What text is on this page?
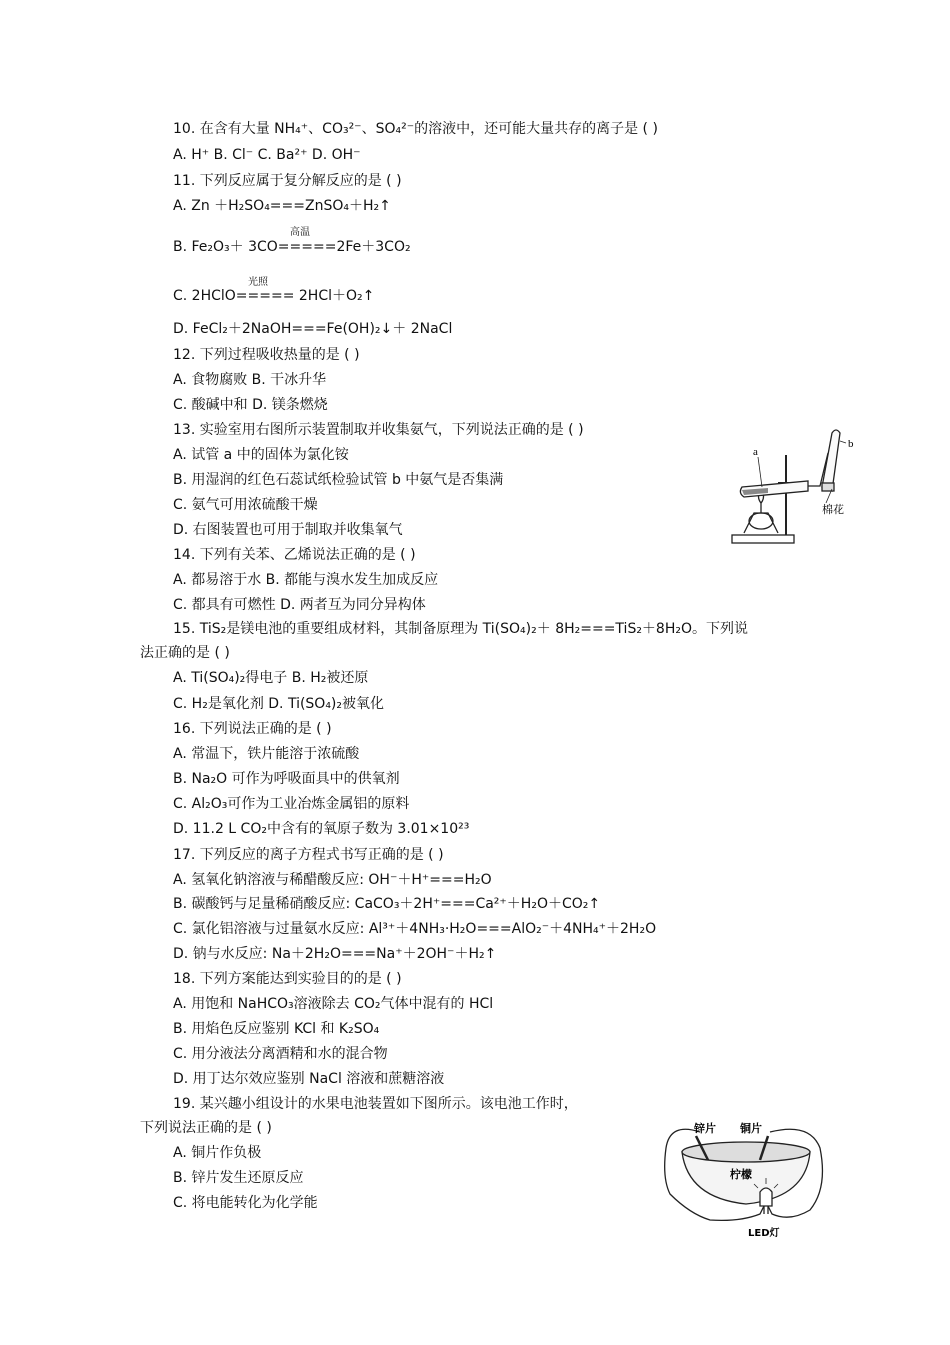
10. 在含有大量 NH₄⁺、CO₃²⁻、SO₄²⁻的溶液中，还可能大量共存的离子是 ( )
A. H⁺ B. Cl⁻ C. Ba²⁺ D. OH⁻
11. 下列反应属于复分解反应的是 ( )
A. Zn ＋H₂SO₄===ZnSO₄＋H₂↑
高温
B. Fe₂O₃＋ 3CO=====2Fe＋3CO₂
光照
C. 2HClO===== 2HCl＋O₂↑
D. FeCl₂＋2NaOH===Fe(OH)₂↓＋ 2NaCl
12. 下列过程吸收热量的是 ( )
A. 食物腐败 B. 干冰升华
C. 酸碱中和 D. 镁条燃烧
13. 实验室用右图所示装置制取并收集氨气，下列说法正确的是 ( )
A. 试管 a 中的固体为氯化铵
B. 用湿润的红色石蕊试纸检验试管 b 中氨气是否集满
C. 氨气可用浓硫酸干燥
D. 右图装置也可用于制取并收集氧气
14. 下列有关苯、乙烯说法正确的是 ( )
A. 都易溶于水 B. 都能与溴水发生加成反应
C. 都具有可燃性 D. 两者互为同分异构体
15. TiS₂是镁电池的重要组成材料，其制备原理为 Ti(SO₄)₂＋ 8H₂===TiS₂＋8H₂O。下列说
法正确的是 ( )
A. Ti(SO₄)₂得电子 B. H₂被还原
C. H₂是氧化剂 D. Ti(SO₄)₂被氧化
16. 下列说法正确的是 ( )
A. 常温下，铁片能溶于浓硫酸
B. Na₂O 可作为呼吸面具中的供氧剂
C. Al₂O₃可作为工业冶炼金属铝的原料
D. 11.2 L CO₂中含有的氧原子数为 3.01×10²³
17. 下列反应的离子方程式书写正确的是 ( )
A. 氢氧化钠溶液与稀醋酸反应: OH⁻＋H⁺===H₂O
B. 碳酸钙与足量稀硝酸反应: CaCO₃＋2H⁺===Ca²⁺＋H₂O＋CO₂↑
C. 氯化铝溶液与过量氨水反应: Al³⁺＋4NH₃·H₂O===AlO₂⁻＋4NH₄⁺＋2H₂O
D. 钠与水反应: Na＋2H₂O===Na⁺＋2OH⁻＋H₂↑
18. 下列方案能达到实验目的的是 ( )
A. 用饱和 NaHCO₃溶液除去 CO₂气体中混有的 HCl
B. 用焰色反应鉴别 KCl 和 K₂SO₄
C. 用分液法分离酒精和水的混合物
D. 用丁达尔效应鉴别 NaCl 溶液和蔗糖溶液
19. 某兴趣小组设计的水果电池装置如下图所示。该电池工作时，
下列说法正确的是 ( )
A. 铜片作负极
B. 锌片发生还原反应
C. 将电能转化为化学能
a
b
棉花
锌片 铜片
柠檬
LED灯
